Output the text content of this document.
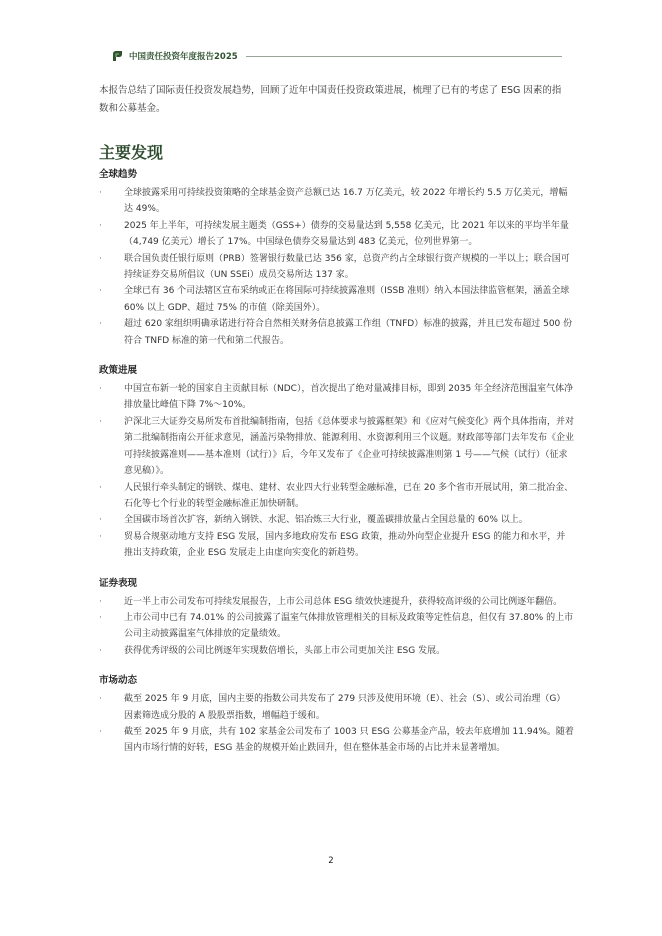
中国责任投资年度报告2025
本报告总结了国际责任投资发展趋势，回顾了近年中国责任投资政策进展，梳理了已有的考虑了 ESG 因素的指数和公募基金。
主要发现
全球趋势
· 全球披露采用可持续投资策略的全球基金资产总额已达 16.7 万亿美元，较 2022 年增长约 5.5 万亿美元，增幅达 49%。
· 2025 年上半年，可持续发展主题类（GSS+）债券的交易量达到 5,558 亿美元，比 2021 年以来的平均半年量（4,749 亿美元）增长了 17%。中国绿色债券交易量达到 483 亿美元，位列世界第一。
· 联合国负责任银行原则（PRB）签署银行数量已达 356 家，总资产约占全球银行资产规模的一半以上；联合国可持续证券交易所倡议（UN SSEi）成员交易所达 137 家。
· 全球已有 36 个司法辖区宣布采纳或正在将国际可持续披露准则（ISSB 准则）纳入本国法律监管框架，涵盖全球 60% 以上 GDP、超过 75% 的市值（除美国外）。
· 超过 620 家组织明确承诺进行符合自然相关财务信息披露工作组（TNFD）标准的披露，并且已发布超过 500 份符合 TNFD 标准的第一代和第二代报告。
政策进展
· 中国宣布新一轮的国家自主贡献目标（NDC），首次提出了绝对量减排目标，即到 2035 年全经济范围温室气体净排放量比峰值下降 7%～10%。
· 沪深北三大证券交易所发布首批编制指南，包括《总体要求与披露框架》和《应对气候变化》两个具体指南，并对第二批编制指南公开征求意见，涵盖污染物排放、能源利用、水资源利用三个议题。财政部等部门去年发布《企业可持续披露准则——基本准则（试行）》后，今年又发布了《企业可持续披露准则第 1 号——气候（试行）（征求意见稿）》。
· 人民银行牵头制定的钢铁、煤电、建材、农业四大行业转型金融标准，已在 20 多个省市开展试用，第二批冶金、石化等七个行业的转型金融标准正加快研制。
· 全国碳市场首次扩容，新纳入钢铁、水泥、铝冶炼三大行业，覆盖碳排放量占全国总量的 60% 以上。
· 贸易合规驱动地方支持 ESG 发展，国内多地政府发布 ESG 政策，推动外向型企业提升 ESG 的能力和水平，并推出支持政策，企业 ESG 发展走上由虚向实变化的新趋势。
证券表现
· 近一半上市公司发布可持续发展报告，上市公司总体 ESG 绩效快速提升，获得较高评级的公司比例逐年翻倍。
· 上市公司中已有 74.01% 的公司披露了温室气体排放管理相关的目标及政策等定性信息，但仅有 37.80% 的上市公司主动披露温室气体排放的定量绩效。
· 获得优秀评级的公司比例逐年实现数倍增长，头部上市公司更加关注 ESG 发展。
市场动态
· 截至 2025 年 9 月底，国内主要的指数公司共发布了 279 只涉及使用环境（E）、社会（S）、或公司治理（G）因素筛选成分股的 A 股股票指数，增幅趋于缓和。
· 截至 2025 年 9 月底，共有 102 家基金公司发布了 1003 只 ESG 公募基金产品，较去年底增加 11.94%。随着国内市场行情的好转，ESG 基金的规模开始止跌回升，但在整体基金市场的占比并未显著增加。
2
